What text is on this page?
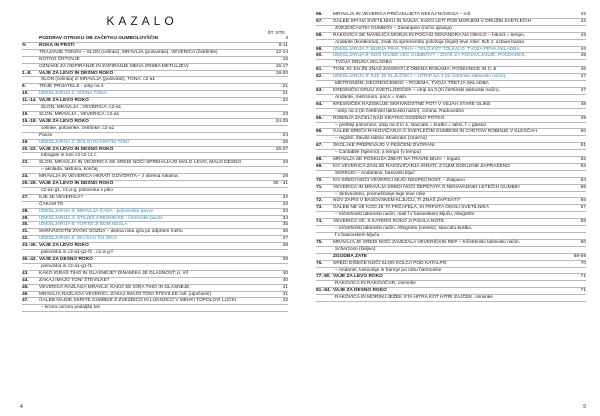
KAZALO
ŠT. STR.
POZDRAV OTROKU OB ZAČETKU GUMBOLOVŠČIN	3
%	ROKA IN PRSTI	8-11
TRAJANJE TONOV – SLON (celinka), MRAVLJA (polovinka), VEVERICA (četrtinke)	12-14
NOTNO ČRTOVJE	15
OZNAKE ZA ODPIRANJE IN ZAPIRANJE MEHA (RISBA METULJEV)	16-17
1.-8.	VAJE ZA LEVO IN DESNO ROKO	18-20
SLON (celinka) in MRAVLJA (polovinki), TONA: c2-a1
9.	TRIJE PRIJATELJI - utrip na 4	21
10.	IZMIŠLJARIJA 1: VIŠINA TONA	21
11.-14. VAJE ZA LEVO ROKO	22
SLON, MRAVLJA , VEVERICA: c2-a1
15.	SLON, MRAVLJA , VEVERICA: c2-a1	23
15.-18. VAJE ZA LEVO ROKO	24-25
celinke, polovinke, četrtinke: c2-a1
Pavze	24
19.	IZMIŠLJARIJA 2: DOLGI IN KRATKI TONI	25
20.-22. VAJE ZA LEVO IN DESNO ROKO	26-27
tobogani in toni c3 c2 c1 c
23.	SLON, MRAVLJA IN VEVERICA SE SREDI NOČI SPREHAJAJO MALO LEVO, MALO DESNO	28
– akolada, taktnica, končaj
24.	MRAVLJA IN VEVERICA HKRATI GOVORITA – z obema rokama	29
25.-26. VAJE ZA LEVO IN DESNO ROKO	30 - 31
c2-a1-g1, c1-a-g, polovinka s piko
27.	KJE JE VEVERICA?	32
ČAKAM TE	33
28.	IZMIŠLJARIJA 3: MRAVLJA ČAKA - polovinske pavze	33
29.	IZMIŠLJARIJA 4: ŠTEJEŠ KRESNIČKE - četrtinske pavze	34
30.	IZMIŠLJARIJA 5: TORTO JI BOM NESLA	35
31.	SKRIVNOSTNI ZVOKI GOZDA – desna roka igra po odprtem mehu	36
32.	IZMIŠLJARIJA 6: ŠIU ŠAU ŠIJ ŠICA	37
33.-35. VAJE ZA LEVO ROKO	38
polovinka in c2-a1-g1-f1 , c1-a-g-f
36.-42. VAJE ZA DESNO ROKO	39
polovinka in c2-a1-g1-f1
43.	KAKO IGRAŠ TIHO IN GLASNEJE? DINAMIKA JE GLASNOST: p, mf	40
44.	ZAKAJ IMAJO TONI ŠTEVILKE?	40
45.	VEVERICA RAZLAGA MRAVLJI, KAKO SE IGRA TIHO IN GLASNEJE	41
46.	MRAVLJA RAZLAGA VEVERICI, ZAKAJ IMAJO TONI ŠTEVILKE rall. (upočasni)	41
47.	GALEB NAJDE SKRITE GUMBKE Z ZVEZDICO IN LUKNJICO V MEHKI TOPOLOVI LUČKI	42
– krona corona podaljša ton
4
56.	MRAVLJA IN VEVERICA PRIČAKUJETA NEKAJ NOVEGA – roll.	42
57.	GALEB SPI NA SVETILNIKU IN SANJA, KAKO LETI POD MORJEM V DRUŽBI SVETLEČIH	42
ZVEZDIČASTIH GUMBOV – Zasanjano (nočni igranja)
58.	RAKOVICA SE NAVELIČA MORJA IN POČASI ODVANDRA NA OBALO – hitrost = tempo,	43
Andante (korakoma), znak za spremembo položaja (legel) leve roke: 8vb z: octava bassa
59.	IZMIŠLJARIJA 7: BURJA PIHA, PIHA – TELO KOT TOLKALO, TVOJA PRVA SKLADBA	44
60.	IZMIŠLJARIJA 8: KDO NAJDE VEČ GUMBOV? – ZNAK ZA PONAVLJANJE, POUDAREK,	45
TVOJA DRUGA SKLADBA
61.	TONI, KI JIH ŽE ZNAŠ ZAIGRATI Z OBEMA ROKAMA: POŠEVNICE IN C-JI	46
62.	IZMIŠLJARIJA 9: KJE JE KLJUČEK? – UTRIP NA 3 (tri četrtinski taktovski način),	47
METRONOM, DECRESCENDO – POJEMA, TVOJA TRETJA SKLADBA
63.	KRESNIČKI KRULI SVETILJODČEK – utrip na 3 (tri četrtinski taktovski način),	47
Andante, metronom, poco = malo
64.	KRESNIČEK RAZISKUJE SKRIVNOSTNE POTI V VEJAH STARE OLIKE	48
–utrip na 3 (tri četrtinski taktovski način), corona, Radovedno
65.	ROBINJA ZAČELI NAD KRATKO GOZDNO POTKO	49
– prešteji polovnice, utrip na 3 in 4, staccato = kratko = takni, f = glasno
66.	GALEB SREČA RAKOVIČARJA S SVETLEČIM GUMBOM IN CVETOVI ROBINJE V KLEŠČAH	50
– registri, števila taktov, Moderato (zmerno)
67.	ŠKOL.IKE PREPEVAJO V PEŠČENI DVORANI	51
– Cantabile (spevno), a tempo (v tempu)
68.	MRAVLJA SE POSKUŠA ZIBATI NA TRAVNI BILKI – legato	52
69.	KO VEVERICA ZASLIŠI RAKOVIČARJA IGRATI, Z NJIM OOKLENE ZAPRAŠENO	53
SKRINJO – Andantino, basovski ključ
70.	KO SREDI NOČI VEVERICI MUČI NESPEČNOST – Zaspano	54
71.	VEVERICA IN MRAVLJA SREDI NOČI ŠEPETATA O NENAVADNIH LETEČIH GUMBIH	55
– Skrivnostno, premeščanje lege leve roke
72.	NOV ZAPIS V BASOVSKEM KLJUČU, TI ZNAŠ ZAPISATI?	56
73.	GALEB NE VE KOO JE TA FRČAFELA, KI FRFOTA OKOLI SVETILNIKA	57
– tričetrtinski taktovski način, mali f v basovskem ključu, Allegretto
74.	VEVERICA VE, S KATERO ROKO JI PISALA NOTE	58
– tričetrtinski taktovski način, Allegretto (veselo), staccato-kratko,
f v basovskem ključu
75.	MRAVLJA JE SREDI NOČI ZAVEZALA VEVERIČKIN REP – tričetrtinski taktovski način,	60
Scherzoso (šaljivo)
ZGODBA ZATE	68-69
76.	SREDI DIŠEČE NOČI SLON KOLCA POD KATALPO	70
– Andante, kokicanje in francje po robu harmonike
77.-80. VAJE ZA LEVO ROKO	71
RAKOVICA IN RAKOVIČAR, osminke
81.-84. VAJE ZA DESNO ROKO	71
RAKOVICA IN MORSKI JEŽEK STA HITRA KOT HITRI ZAJČEK, osminke
5
